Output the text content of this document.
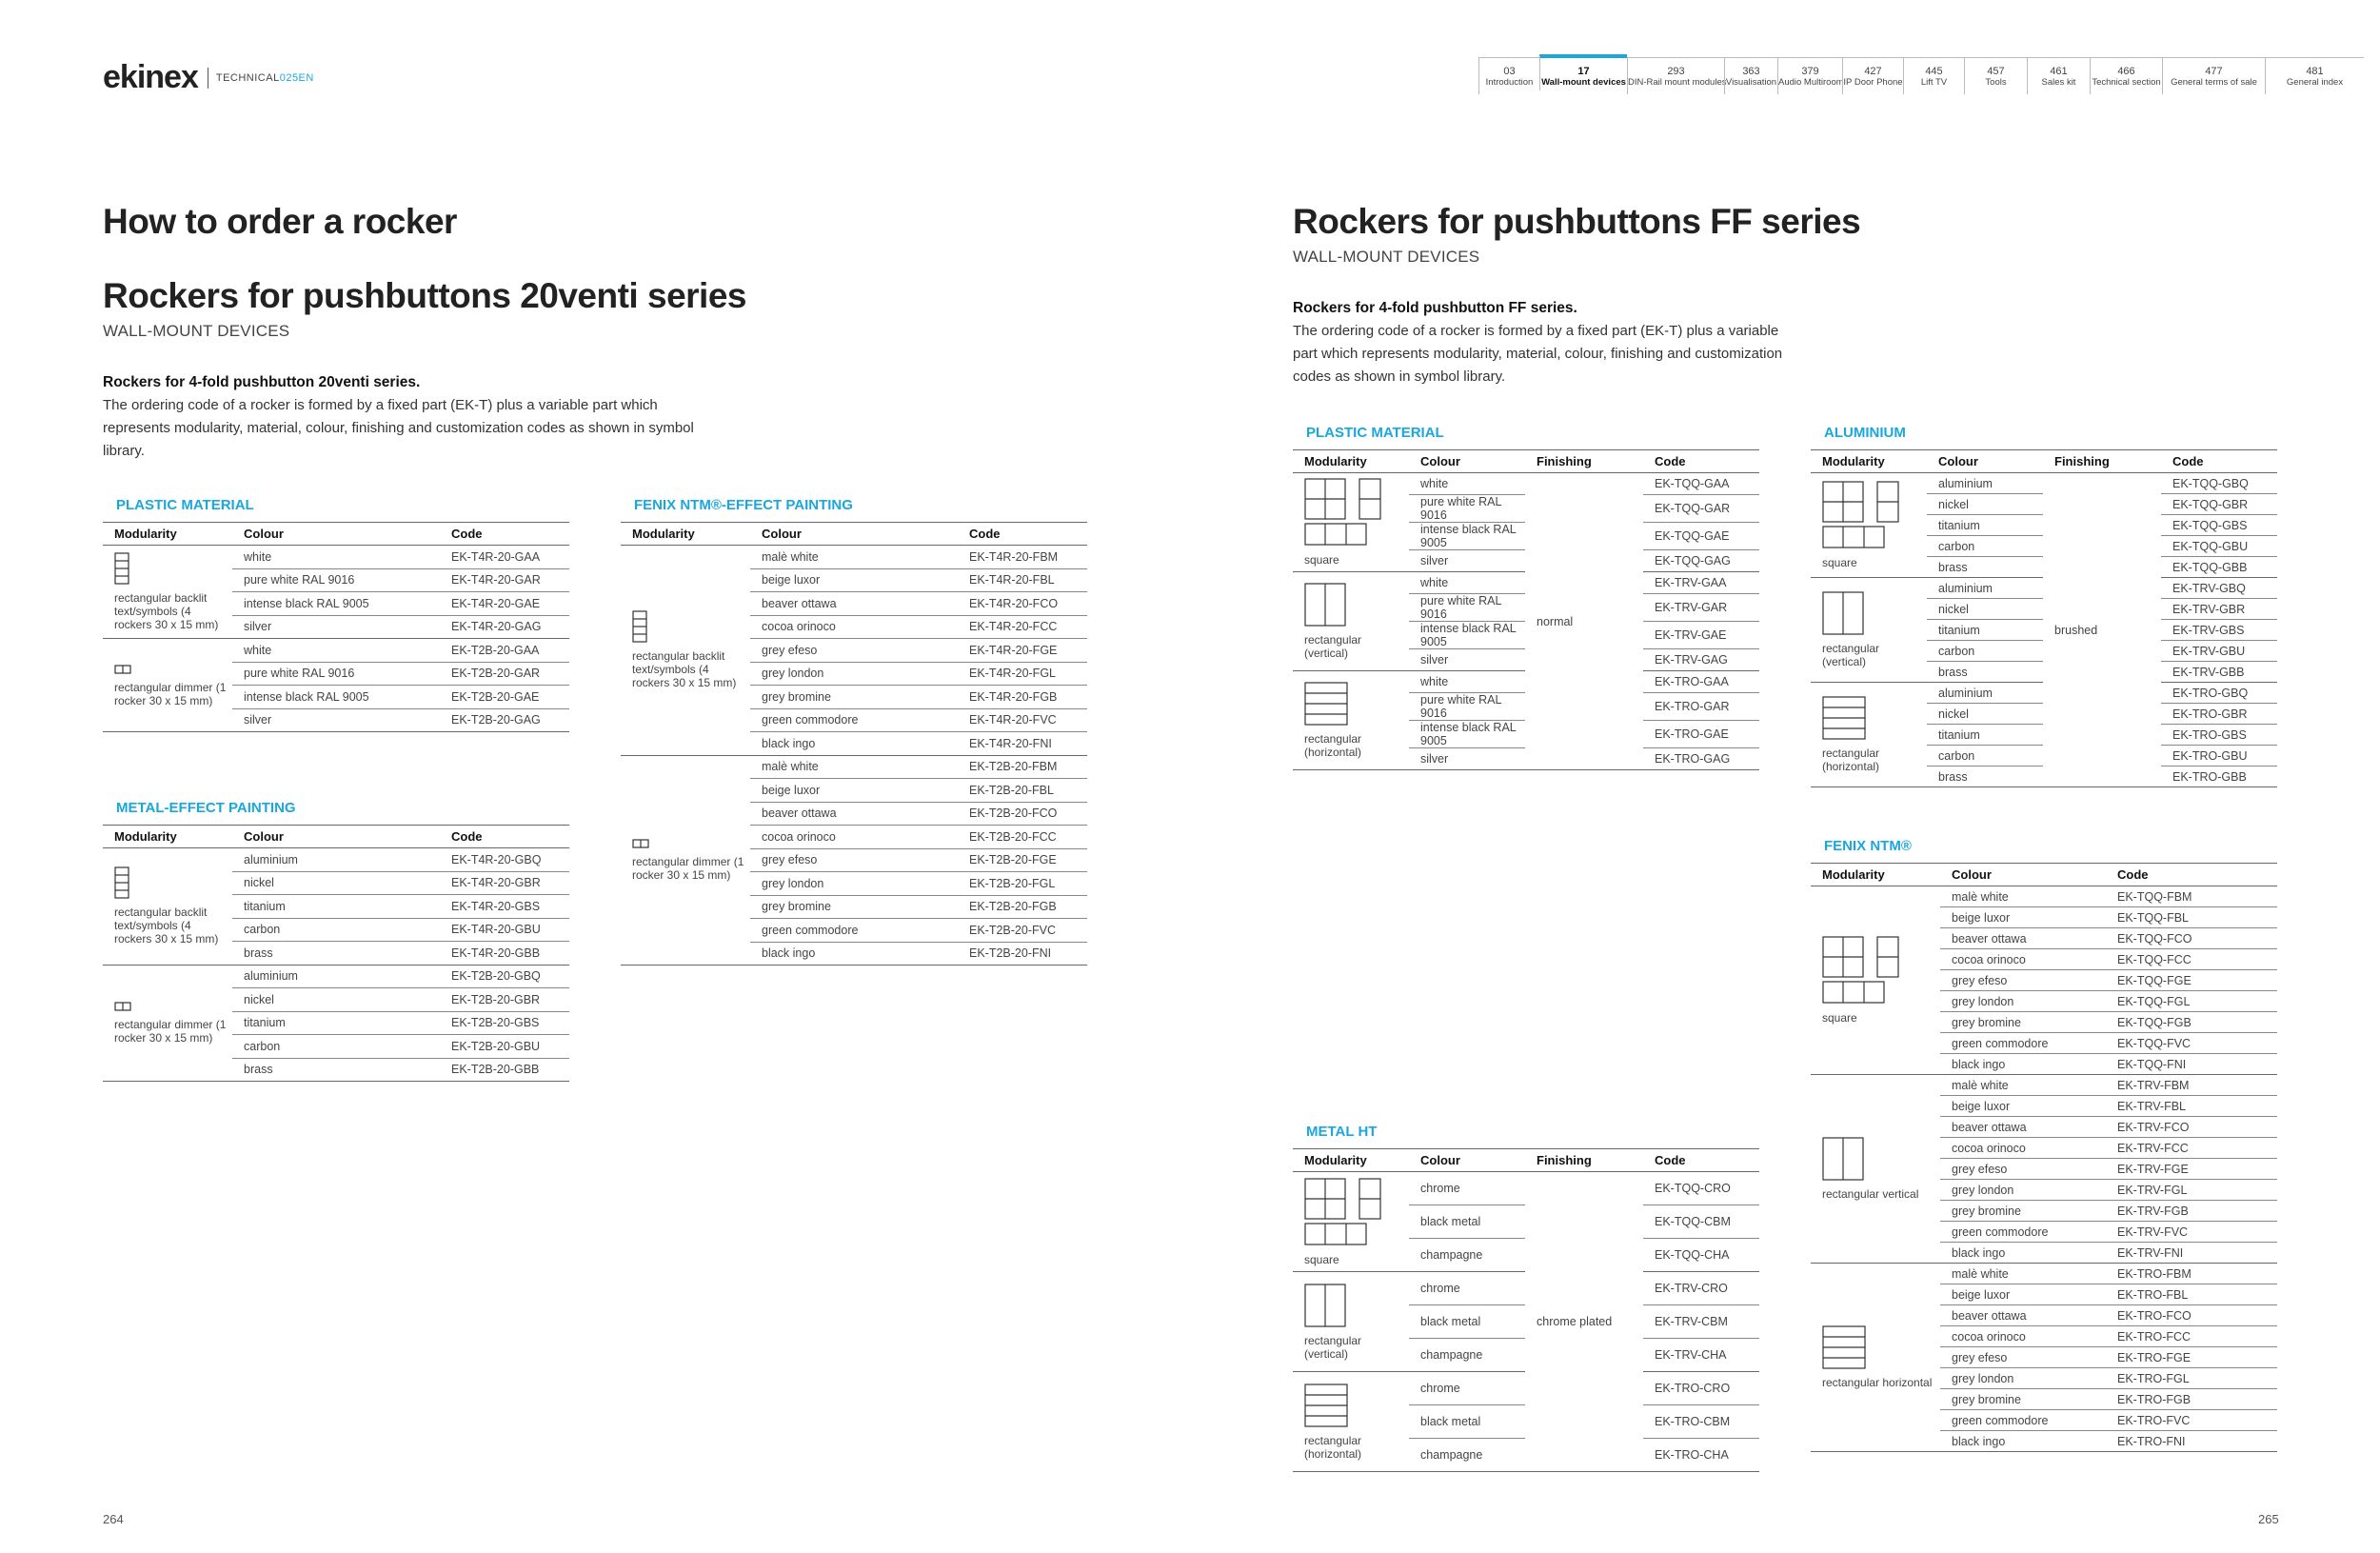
ekinex TECHNICAL025EN
03
Introduction
17
Wall-mount devices
293
DIN-Rail mount modules
363
Visualisation
379
Audio Multiroom
427
IP Door Phone
445
Lift TV
457
Tools
461
Sales kit
466
Technical section
477
General terms of sale
481
General index
How to order a rocker
Rockers for pushbuttons 20venti series
WALL-MOUNT DEVICES
Rockers for 4-fold pushbutton 20venti series.
The ordering code of a rocker is formed by a fixed part (EK-T) plus a variable part which represents modularity, material, colour, finishing and customization codes as shown in symbol library.
PLASTIC MATERIAL
Modularity	Colour	Code

rectangular backlit text/symbols (4 rockers 30 x 15 mm)	white	EK-T4R-20-GAA
	pure white RAL 9016	EK-T4R-20-GAR
	intense black RAL 9005	EK-T4R-20-GAE
	silver	EK-T4R-20-GAG

rectangular dimmer (1 rocker 30 x 15 mm)	white	EK-T2B-20-GAA
	pure white RAL 9016	EK-T2B-20-GAR
	intense black RAL 9005	EK-T2B-20-GAE
	silver	EK-T2B-20-GAG
METAL-EFFECT PAINTING
Modularity	Colour	Code

rectangular backlit text/symbols (4 rockers 30 x 15 mm)	aluminium	EK-T4R-20-GBQ
	nickel	EK-T4R-20-GBR
	titanium	EK-T4R-20-GBS
	carbon	EK-T4R-20-GBU
	brass	EK-T4R-20-GBB

rectangular dimmer (1 rocker 30 x 15 mm)	aluminium	EK-T2B-20-GBQ
	nickel	EK-T2B-20-GBR
	titanium	EK-T2B-20-GBS
	carbon	EK-T2B-20-GBU
	brass	EK-T2B-20-GBB
FENIX NTM®-EFFECT PAINTING
Modularity	Colour	Code

rectangular backlit text/symbols (4 rockers 30 x 15 mm)	malè white	EK-T4R-20-FBM
	beige luxor	EK-T4R-20-FBL
	beaver ottawa	EK-T4R-20-FCO
	cocoa orinoco	EK-T4R-20-FCC
	grey efeso	EK-T4R-20-FGE
	grey london	EK-T4R-20-FGL
	grey bromine	EK-T4R-20-FGB
	green commodore	EK-T4R-20-FVC
	black ingo	EK-T4R-20-FNI

rectangular dimmer (1 rocker 30 x 15 mm)	malè white	EK-T2B-20-FBM
	beige luxor	EK-T2B-20-FBL
	beaver ottawa	EK-T2B-20-FCO
	cocoa orinoco	EK-T2B-20-FCC
	grey efeso	EK-T2B-20-FGE
	grey london	EK-T2B-20-FGL
	grey bromine	EK-T2B-20-FGB
	green commodore	EK-T2B-20-FVC
	black ingo	EK-T2B-20-FNI
264
Rockers for pushbuttons FF series
WALL-MOUNT DEVICES
Rockers for 4-fold pushbutton FF series.
The ordering code of a rocker is formed by a fixed part (EK-T) plus a variable part which represents modularity, material, colour, finishing and customization codes as shown in symbol library.
PLASTIC MATERIAL
Modularity	Colour	Finishing	Code

square	white	normal	EK-TQQ-GAA
	pure white RAL 9016		EK-TQQ-GAR
	intense black RAL 9005		EK-TQQ-GAE
	silver		EK-TQQ-GAG

rectangular (vertical)	white		EK-TRV-GAA
	pure white RAL 9016		EK-TRV-GAR
	intense black RAL 9005		EK-TRV-GAE
	silver		EK-TRV-GAG

rectangular (horizontal)	white		EK-TRO-GAA
	pure white RAL 9016		EK-TRO-GAR
	intense black RAL 9005		EK-TRO-GAE
	silver		EK-TRO-GAG
METAL HT
Modularity	Colour	Finishing	Code

square	chrome	chrome plated	EK-TQQ-CRO
	black metal		EK-TQQ-CBM
	champagne		EK-TQQ-CHA

rectangular (vertical)	chrome		EK-TRV-CRO
	black metal		EK-TRV-CBM
	champagne		EK-TRV-CHA

rectangular (horizontal)	chrome		EK-TRO-CRO
	black metal		EK-TRO-CBM
	champagne		EK-TRO-CHA
ALUMINIUM
Modularity	Colour	Finishing	Code

square	aluminium	brushed	EK-TQQ-GBQ
	nickel		EK-TQQ-GBR
	titanium		EK-TQQ-GBS
	carbon		EK-TQQ-GBU
	brass		EK-TQQ-GBB

rectangular (vertical)	aluminium		EK-TRV-GBQ
	nickel		EK-TRV-GBR
	titanium		EK-TRV-GBS
	carbon		EK-TRV-GBU
	brass		EK-TRV-GBB

rectangular (horizontal)	aluminium		EK-TRO-GBQ
	nickel		EK-TRO-GBR
	titanium		EK-TRO-GBS
	carbon		EK-TRO-GBU
	brass		EK-TRO-GBB
FENIX NTM®
Modularity	Colour	Code

square	malè white	EK-TQQ-FBM
	beige luxor	EK-TQQ-FBL
	beaver ottawa	EK-TQQ-FCO
	cocoa orinoco	EK-TQQ-FCC
	grey efeso	EK-TQQ-FGE
	grey london	EK-TQQ-FGL
	grey bromine	EK-TQQ-FGB
	green commodore	EK-TQQ-FVC
	black ingo	EK-TQQ-FNI

rectangular vertical	malè white	EK-TRV-FBM
	beige luxor	EK-TRV-FBL
	beaver ottawa	EK-TRV-FCO
	cocoa orinoco	EK-TRV-FCC
	grey efeso	EK-TRV-FGE
	grey london	EK-TRV-FGL
	grey bromine	EK-TRV-FGB
	green commodore	EK-TRV-FVC
	black ingo	EK-TRV-FNI

rectangular horizontal	malè white	EK-TRO-FBM
	beige luxor	EK-TRO-FBL
	beaver ottawa	EK-TRO-FCO
	cocoa orinoco	EK-TRO-FCC
	grey efeso	EK-TRO-FGE
	grey london	EK-TRO-FGL
	grey bromine	EK-TRO-FGB
	green commodore	EK-TRO-FVC
	black ingo	EK-TRO-FNI
265
